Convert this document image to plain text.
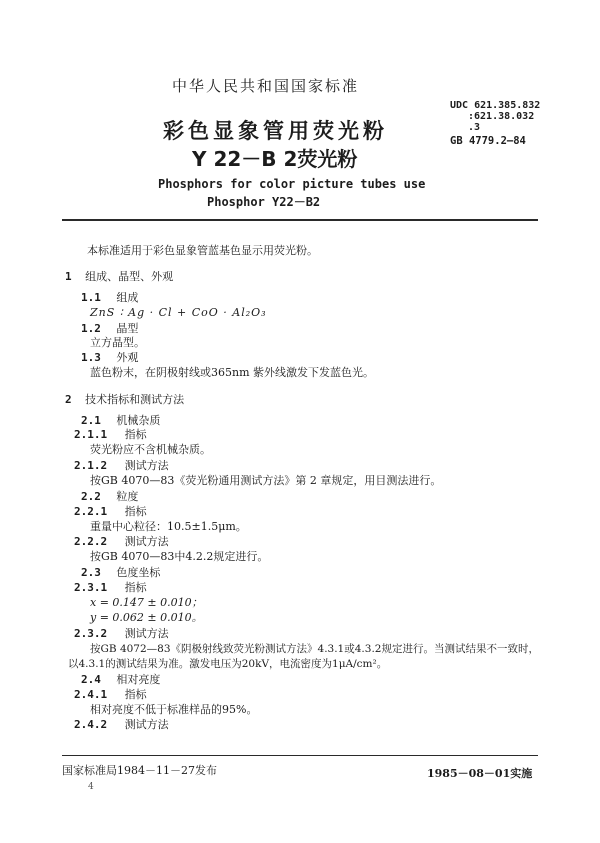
中华人民共和国国家标准
彩色显象管用荧光粉
Y 22－B 2荧光粉
Phosphors for color picture tubes use
Phosphor Y22－B2
UDC 621.385.832
:621.38.032
.3
GB 4779.2—84
本标准适用于彩色显象管蓝基色显示用荧光粉。
1 组成、晶型、外观
1.1 组成
ZnS ∶ Ag · Cl + CoO · Al₂O₃
1.2 晶型
立方晶型。
1.3 外观
蓝色粉末，在阴极射线或365nm 紫外线激发下发蓝色光。
2 技术指标和测试方法
2.1 机械杂质
2.1.1 指标
荧光粉应不含机械杂质。
2.1.2 测试方法
按GB 4070—83《荧光粉通用测试方法》第 2 章规定，用目测法进行。
2.2 粒度
2.2.1 指标
重量中心粒径：10.5±1.5μm。
2.2.2 测试方法
按GB 4070—83中4.2.2规定进行。
2.3 色度坐标
2.3.1 指标
x = 0.147 ± 0.010；
y = 0.062 ± 0.010。
2.3.2 测试方法
按GB 4072—83《阴极射线致荧光粉测试方法》4.3.1或4.3.2规定进行。当测试结果不一致时，
以4.3.1的测试结果为准。激发电压为20kV，电流密度为1μA/cm²。
2.4 相对亮度
2.4.1 指标
相对亮度不低于标准样品的95%。
2.4.2 测试方法
国家标准局1984－11－27发布	1985－08－01实施
4
